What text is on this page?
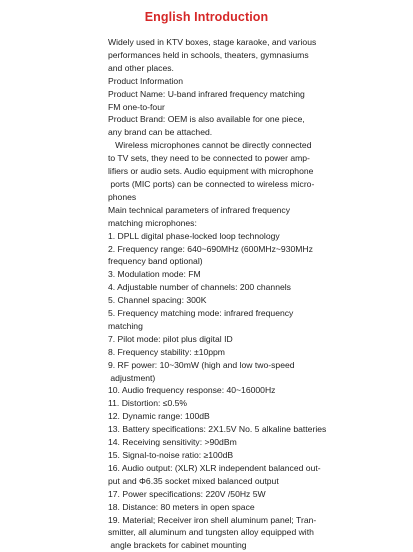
English Introduction
Widely used in KTV boxes, stage karaoke, and various
performances held in schools, theaters, gymnasiums
and other places.
Product Information
Product Name: U-band infrared frequency matching
FM one-to-four
Product Brand: OEM is also available for one piece,
any brand can be attached.
Wireless microphones cannot be directly connected
to TV sets, they need to be connected to power amp-
lifiers or audio sets. Audio equipment with microphone
ports (MIC ports) can be connected to wireless micro-
phones
Main technical parameters of infrared frequency
matching microphones:
1. DPLL digital phase-locked loop technology
2. Frequency range: 640~690MHz (600MHz~930MHz
frequency band optional)
3. Modulation mode: FM
4. Adjustable number of channels: 200 channels
5. Channel spacing: 300K
5. Frequency matching mode: infrared frequency
matching
7. Pilot mode: pilot plus digital ID
8. Frequency stability: ±10ppm
9. RF power: 10~30mW (high and low two-speed
adjustment)
10. Audio frequency response: 40~16000Hz
11. Distortion: ≤0.5%
12. Dynamic range: 100dB
13. Battery specifications: 2X1.5V No. 5 alkaline batteries
14. Receiving sensitivity: >90dBm
15. Signal-to-noise ratio: ≥100dB
16. Audio output: (XLR) XLR independent balanced out-
put and Φ6.35 socket mixed balanced output
17. Power specifications: 220V /50Hz 5W
18. Distance: 80 meters in open space
19. Material; Receiver iron shell aluminum panel; Tran-
smitter, all aluminum and tungsten alloy equipped with
angle brackets for cabinet mounting
